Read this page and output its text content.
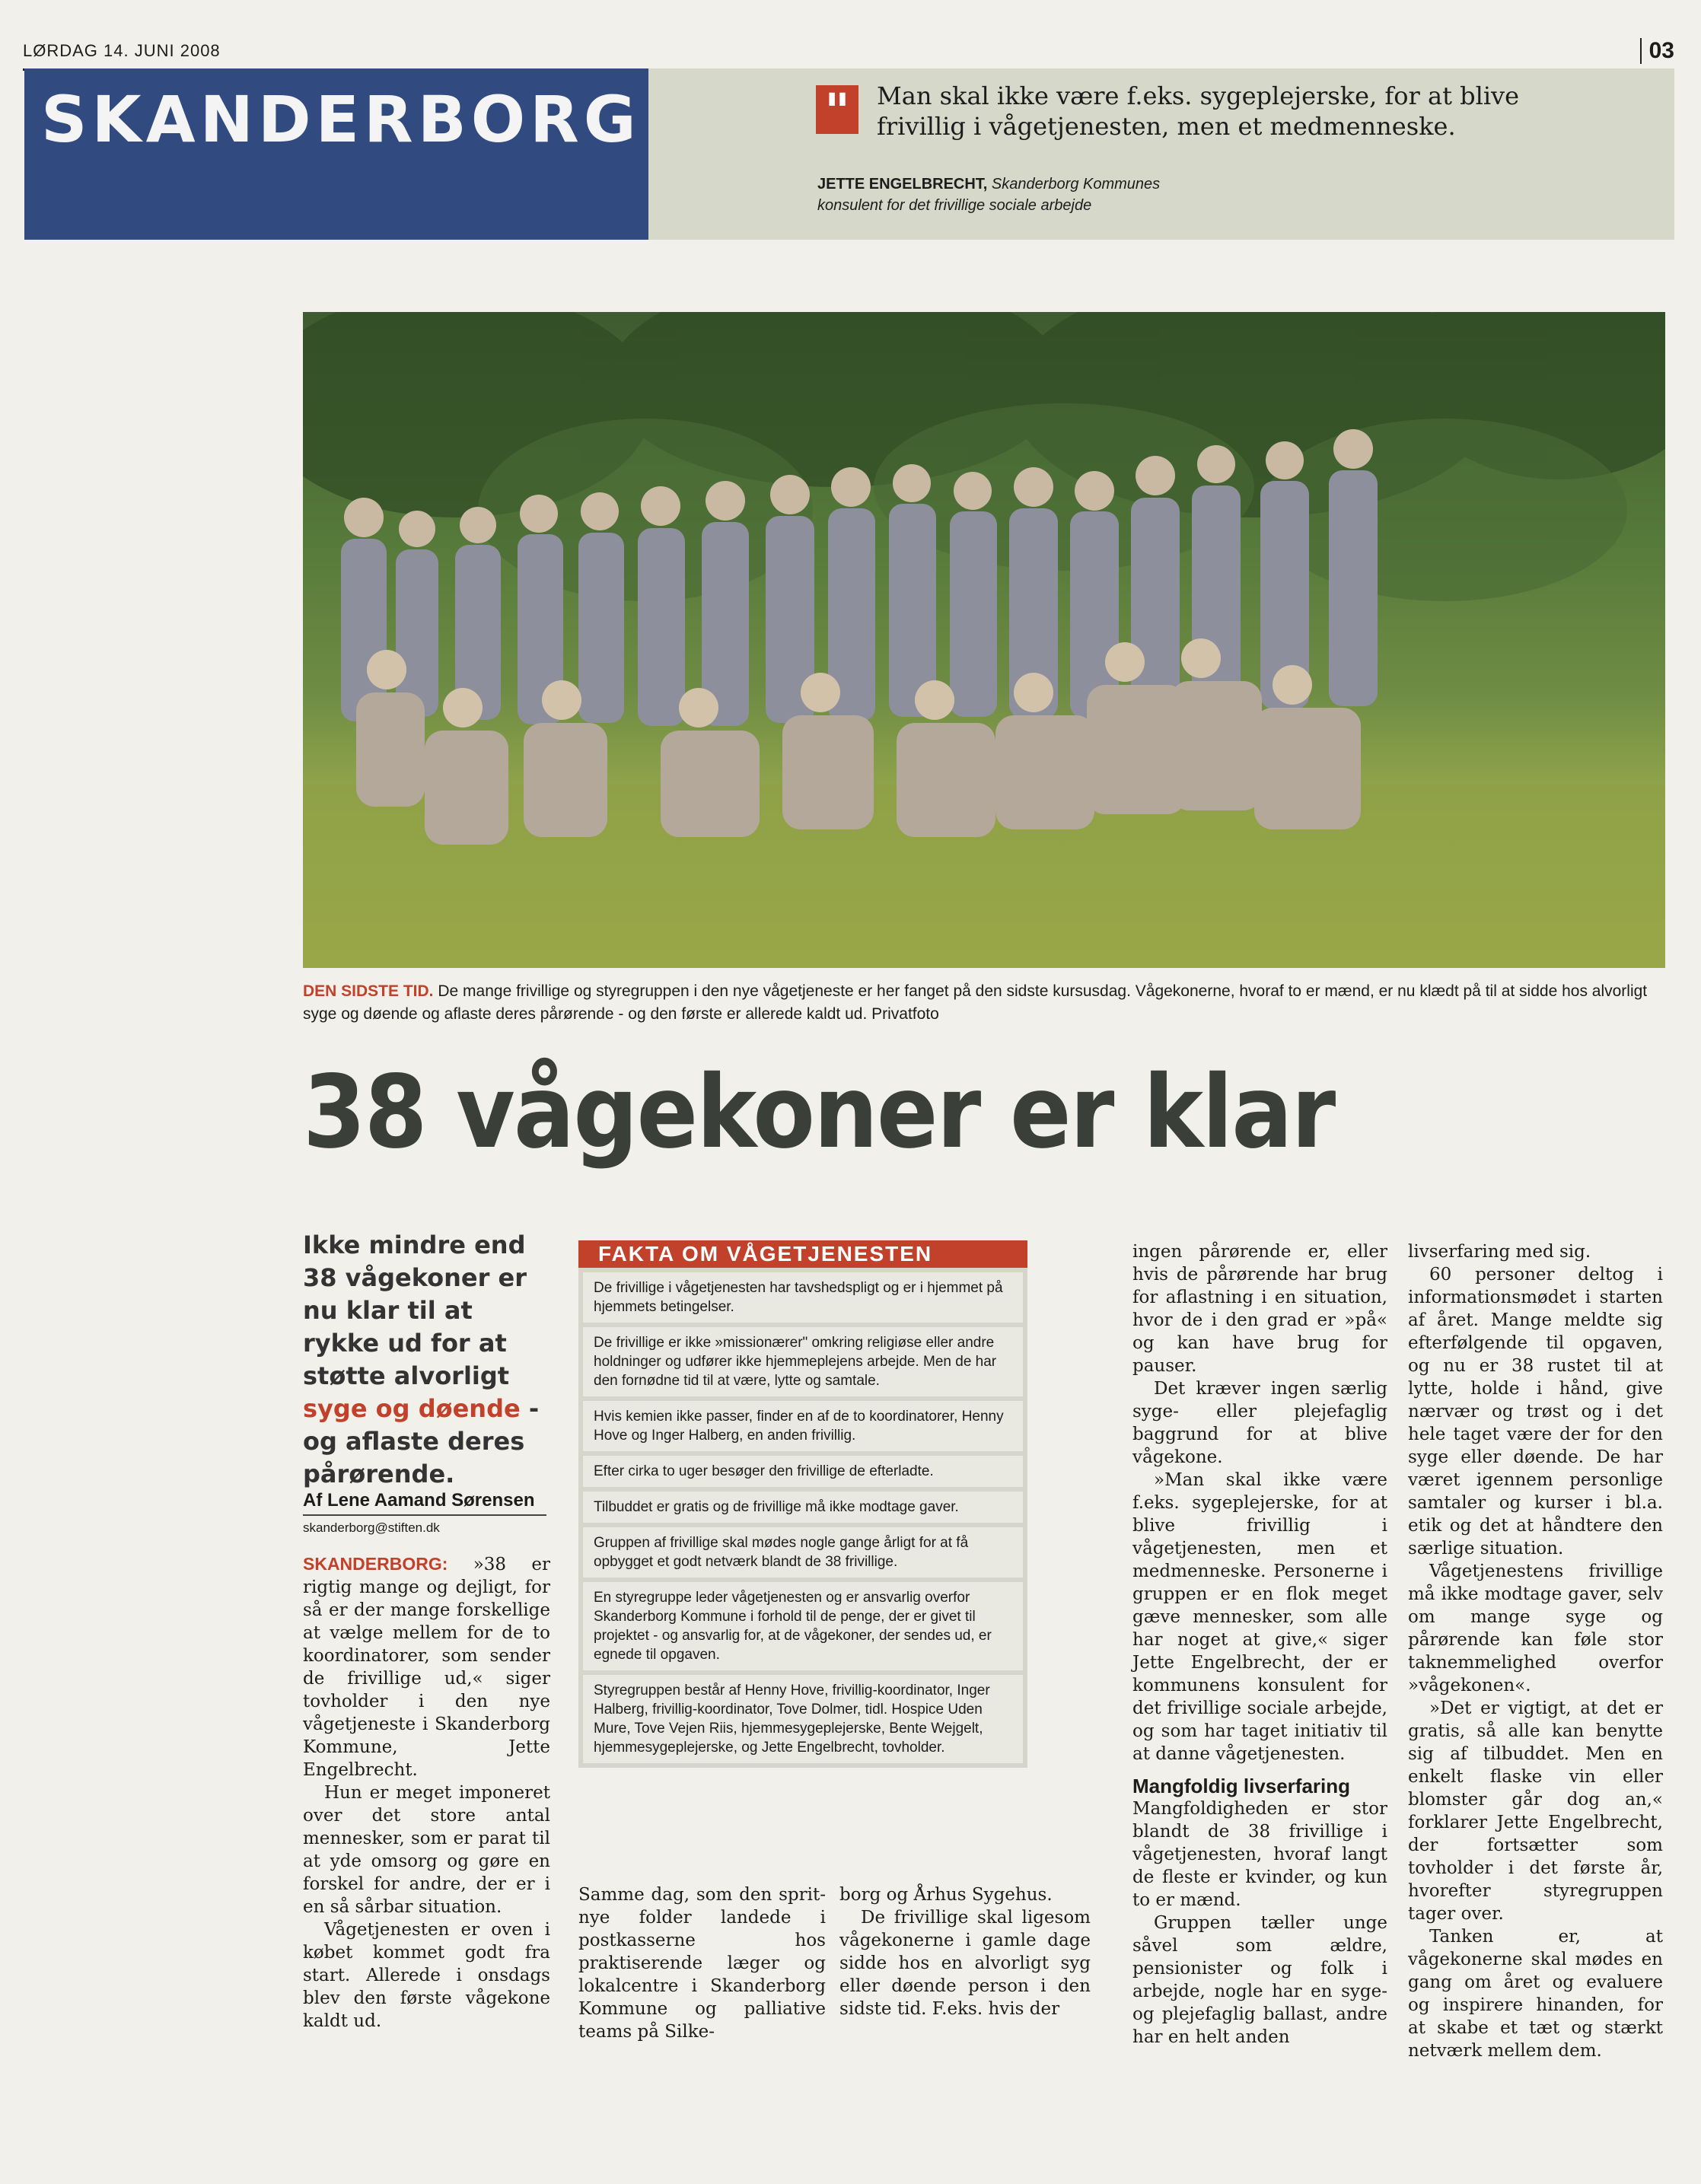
LØRDAG 14. JUNI 2008	03
SKANDERBORG	"	Man skal ikke være f.eks. sygeplejerske, for at blive frivillig i vågetjenesten, men et medmenneske.
JETTE ENGELBRECHT, Skanderborg Kommunes
konsulent for det frivillige sociale arbejde
DEN SIDSTE TID. De mange frivillige og styregruppen i den nye vågetjeneste er her fanget på den sidste kursusdag. Vågekonerne, hvoraf to er mænd, er nu klædt på til at sidde hos alvorligt syge og døende og aflaste deres pårørende - og den første er allerede kaldt ud. Privatfoto
38 vågekoner er klar
Ikke mindre end 38 vågekoner er nu klar til at rykke ud for at støtte alvorligt syge og døende - og aflaste deres pårørende.
Af Lene Aamand Sørensen
skanderborg@stiften.dk

SKANDERBORG: »38 er rigtig mange og dejligt, for så er der mange forskellige at vælge mellem for de to koordinatorer, som sender de frivillige ud,« siger tovholder i den nye vågetjeneste i Skanderborg Kommune, Jette Engelbrecht.

Hun er meget imponeret over det store antal mennesker, som er parat til at yde omsorg og gøre en forskel for andre, der er i en så sårbar situation.

Vågetjenesten er oven i købet kommet godt fra start. Allerede i onsdags blev den første vågekone kaldt ud.

FAKTA OM VÅGETJENESTEN
De frivillige i vågetjenesten har tavshedspligt og er i hjemmet på hjemmets betingelser.
De frivillige er ikke »missionærer" omkring religiøse eller andre holdninger og udfører ikke hjemmeplejens arbejde. Men de har den fornødne tid til at være, lytte og samtale.
Hvis kemien ikke passer, finder en af de to koordinatorer, Henny Hove og Inger Halberg, en anden frivillig.
Efter cirka to uger besøger den frivillige de efterladte.
Tilbuddet er gratis og de frivillige må ikke modtage gaver.
Gruppen af frivillige skal mødes nogle gange årligt for at få opbygget et godt netværk blandt de 38 frivillige.
En styregruppe leder vågetjenesten og er ansvarlig overfor Skanderborg Kommune i forhold til de penge, der er givet til projektet - og ansvarlig for, at de vågekoner, der sendes ud, er egnede til opgaven.
Styregruppen består af Henny Hove, frivillig-koordinator, Inger Halberg, frivillig-koordinator, Tove Dolmer, tidl. Hospice Uden Mure, Tove Vejen Riis, hjemmesygeplejerske, Bente Wejgelt, hjemmesygeplejerske, og Jette Engelbrecht, tovholder.
Samme dag, som den sprit-nye folder landede i postkasserne hos praktiserende læger og lokalcentre i Skanderborg Kommune og palliative teams på Silke-
borg og Århus Sygehus.
De frivillige skal ligesom vågekonerne i gamle dage sidde hos en alvorligt syg eller døende person i den sidste tid. F.eks. hvis der

ingen pårørende er, eller hvis de pårørende har brug for aflastning i en situation, hvor de i den grad er »på« og kan have brug for pauser.

Det kræver ingen særlig syge- eller plejefaglig baggrund for at blive vågekone.

»Man skal ikke være f.eks. sygeplejerske, for at blive frivillig i vågetjenesten, men et medmenneske. Personerne i gruppen er en flok meget gæve mennesker, som alle har noget at give,« siger Jette Engelbrecht, der er kommunens konsulent for det frivillige sociale arbejde, og som har taget initiativ til at danne vågetjenesten.

Mangfoldig livserfaring

Mangfoldigheden er stor blandt de 38 frivillige i vågetjenesten, hvoraf langt de fleste er kvinder, og kun to er mænd.

Gruppen tæller unge såvel som ældre, pensionister og folk i arbejde, nogle har en syge- og plejefaglig ballast, andre har en helt anden

livserfaring med sig.

60 personer deltog i informationsmødet i starten af året. Mange meldte sig efterfølgende til opgaven, og nu er 38 rustet til at lytte, holde i hånd, give nærvær og trøst og i det hele taget være der for den syge eller døende. De har været igennem personlige samtaler og kurser i bl.a. etik og det at håndtere den særlige situation.

Vågetjenestens frivillige må ikke modtage gaver, selv om mange syge og pårørende kan føle stor taknemmelighed overfor »vågekonen«.

»Det er vigtigt, at det er gratis, så alle kan benytte sig af tilbuddet. Men en enkelt flaske vin eller blomster går dog an,« forklarer Jette Engelbrecht, der fortsætter som tovholder i det første år, hvorefter styregruppen tager over.

Tanken er, at vågekonerne skal mødes en gang om året og evaluere og inspirere hinanden, for at skabe et tæt og stærkt netværk mellem dem.
